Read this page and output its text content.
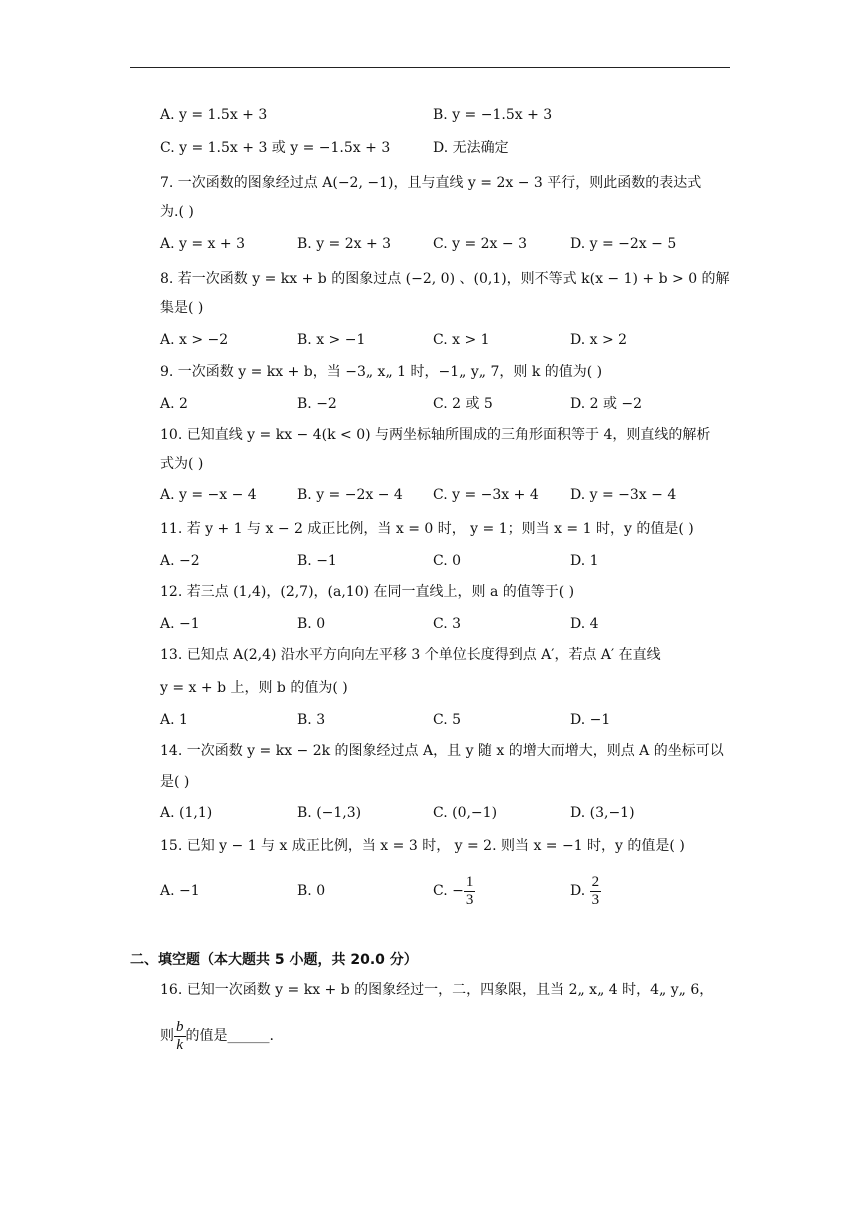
A. y = 1.5x + 3	B. y = −1.5x + 3
C. y = 1.5x + 3 或 y = −1.5x + 3	D. 无法确定
7. 一次函数的图象经过点 A(−2, −1)，且与直线 y = 2x − 3 平行，则此函数的表达式
为.( )
A. y = x + 3	B. y = 2x + 3	C. y = 2x − 3	D. y = −2x − 5
8. 若一次函数 y = kx + b 的图象过点 (−2, 0) 、(0,1)，则不等式 k(x − 1) + b > 0 的解
集是( )
A. x > −2	B. x > −1	C. x > 1	D. x > 2
9. 一次函数 y = kx + b，当 −3„ x„ 1 时，−1„ y„ 7，则 k 的值为( )
A. 2	B. −2	C. 2 或 5	D. 2 或 −2
10. 已知直线 y = kx − 4(k < 0) 与两坐标轴所围成的三角形面积等于 4，则直线的解析
式为( )
A. y = −x − 4	B. y = −2x − 4 C. y = −3x + 4 D. y = −3x − 4
11. 若 y + 1 与 x − 2 成正比例，当 x = 0 时， y = 1；则当 x = 1 时，y 的值是( )
A. −2	B. −1	C. 0	D. 1
12. 若三点 (1,4)，(2,7)，(a,10) 在同一直线上，则 a 的值等于( )
A. −1	B. 0	C. 3	D. 4
13. 已知点 A(2,4) 沿水平方向向左平移 3 个单位长度得到点 A′，若点 A′ 在直线
y = x + b 上，则 b 的值为( )
A. 1	B. 3	C. 5	D. −1
14. 一次函数 y = kx − 2k 的图象经过点 A，且 y 随 x 的增大而增大，则点 A 的坐标可以
是( )
A. (1,1)	B. (−1,3)	C. (0,−1)	D. (3,−1)
15. 已知 y − 1 与 x 成正比例，当 x = 3 时， y = 2. 则当 x = −1 时，y 的值是( )
A. −1	B. 0	C. − $\frac{1}{3}$	D. $\frac{2}{3}$
二、填空题（本大题共 5 小题，共 20.0 分）
16. 已知一次函数 y = kx + b 的图象经过一，二，四象限，且当 2„ x„ 4 时，4„ y„ 6，
则 $\frac{b}{k}$ 的值是______.
